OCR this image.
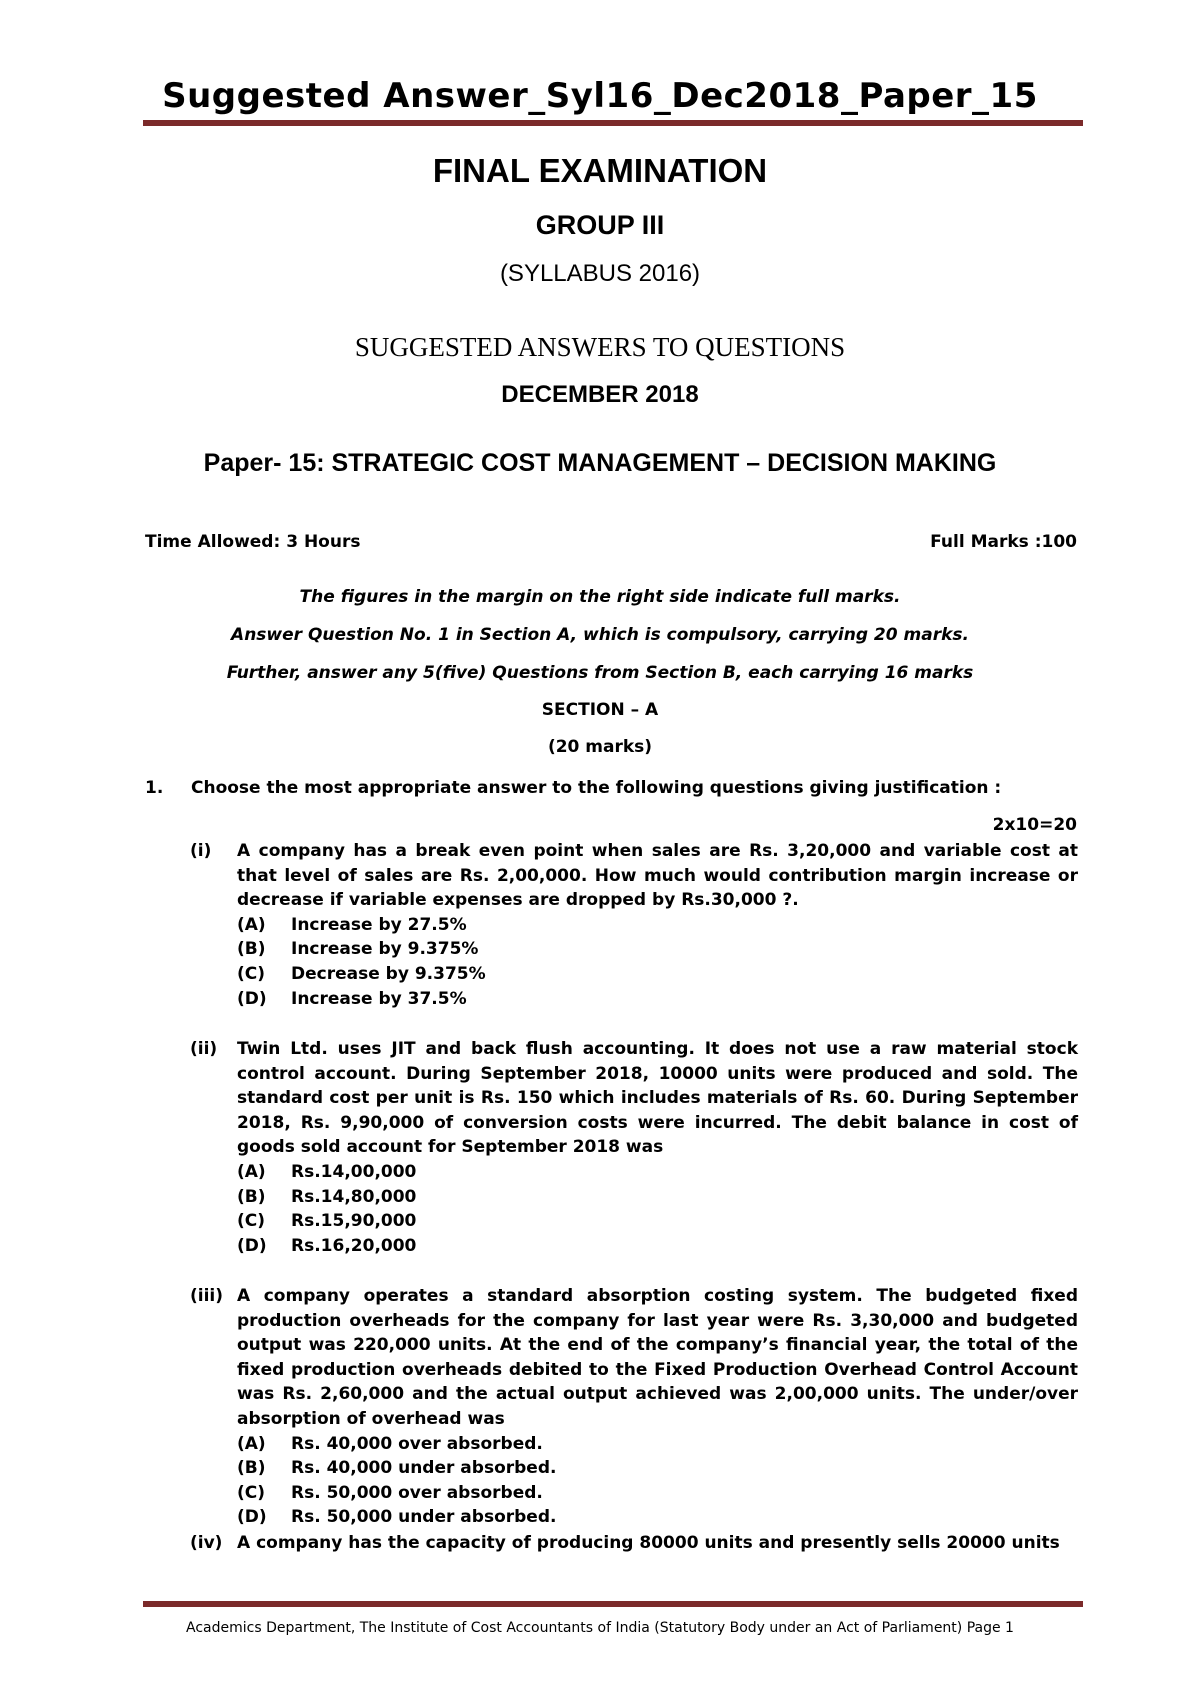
Suggested Answer_Syl16_Dec2018_Paper_15
FINAL EXAMINATION
GROUP III
(SYLLABUS 2016)
SUGGESTED ANSWERS TO QUESTIONS
DECEMBER 2018
Paper- 15: STRATEGIC COST MANAGEMENT – DECISION MAKING
Time Allowed: 3 Hours	Full Marks :100
The figures in the margin on the right side indicate full marks.
Answer Question No. 1 in Section A, which is compulsory, carrying 20 marks.
Further, answer any 5(five) Questions from Section B, each carrying 16 marks
SECTION – A
(20 marks)
1. Choose the most appropriate answer to the following questions giving justification :
2x10=20
(i)	A company has a break even point when sales are Rs. 3,20,000 and variable cost at that level of sales are Rs. 2,00,000. How much would contribution margin increase or decrease if variable expenses are dropped by Rs.30,000 ?.
(A)	Increase by 27.5%
(B)	Increase by 9.375%
(C)	Decrease by 9.375%
(D)	Increase by 37.5%
(ii)	Twin Ltd. uses JIT and back flush accounting. It does not use a raw material stock control account. During September 2018, 10000 units were produced and sold. The standard cost per unit is Rs. 150 which includes materials of Rs. 60. During September 2018, Rs. 9,90,000 of conversion costs were incurred. The debit balance in cost of goods sold account for September 2018 was
(A)	Rs.14,00,000
(B)	Rs.14,80,000
(C)	Rs.15,90,000
(D)	Rs.16,20,000
(iii) A company operates a standard absorption costing system. The budgeted fixed production overheads for the company for last year were Rs. 3,30,000 and budgeted output was 220,000 units. At the end of the company’s financial year, the total of the fixed production overheads debited to the Fixed Production Overhead Control Account was Rs. 2,60,000 and the actual output achieved was 2,00,000 units. The under/over absorption of overhead was
(A)	Rs. 40,000 over absorbed.
(B)	Rs. 40,000 under absorbed.
(C)	Rs. 50,000 over absorbed.
(D)	Rs. 50,000 under absorbed.
(iv) A company has the capacity of producing 80000 units and presently sells 20000 units
Academics Department, The Institute of Cost Accountants of India (Statutory Body under an Act of Parliament) Page 1
